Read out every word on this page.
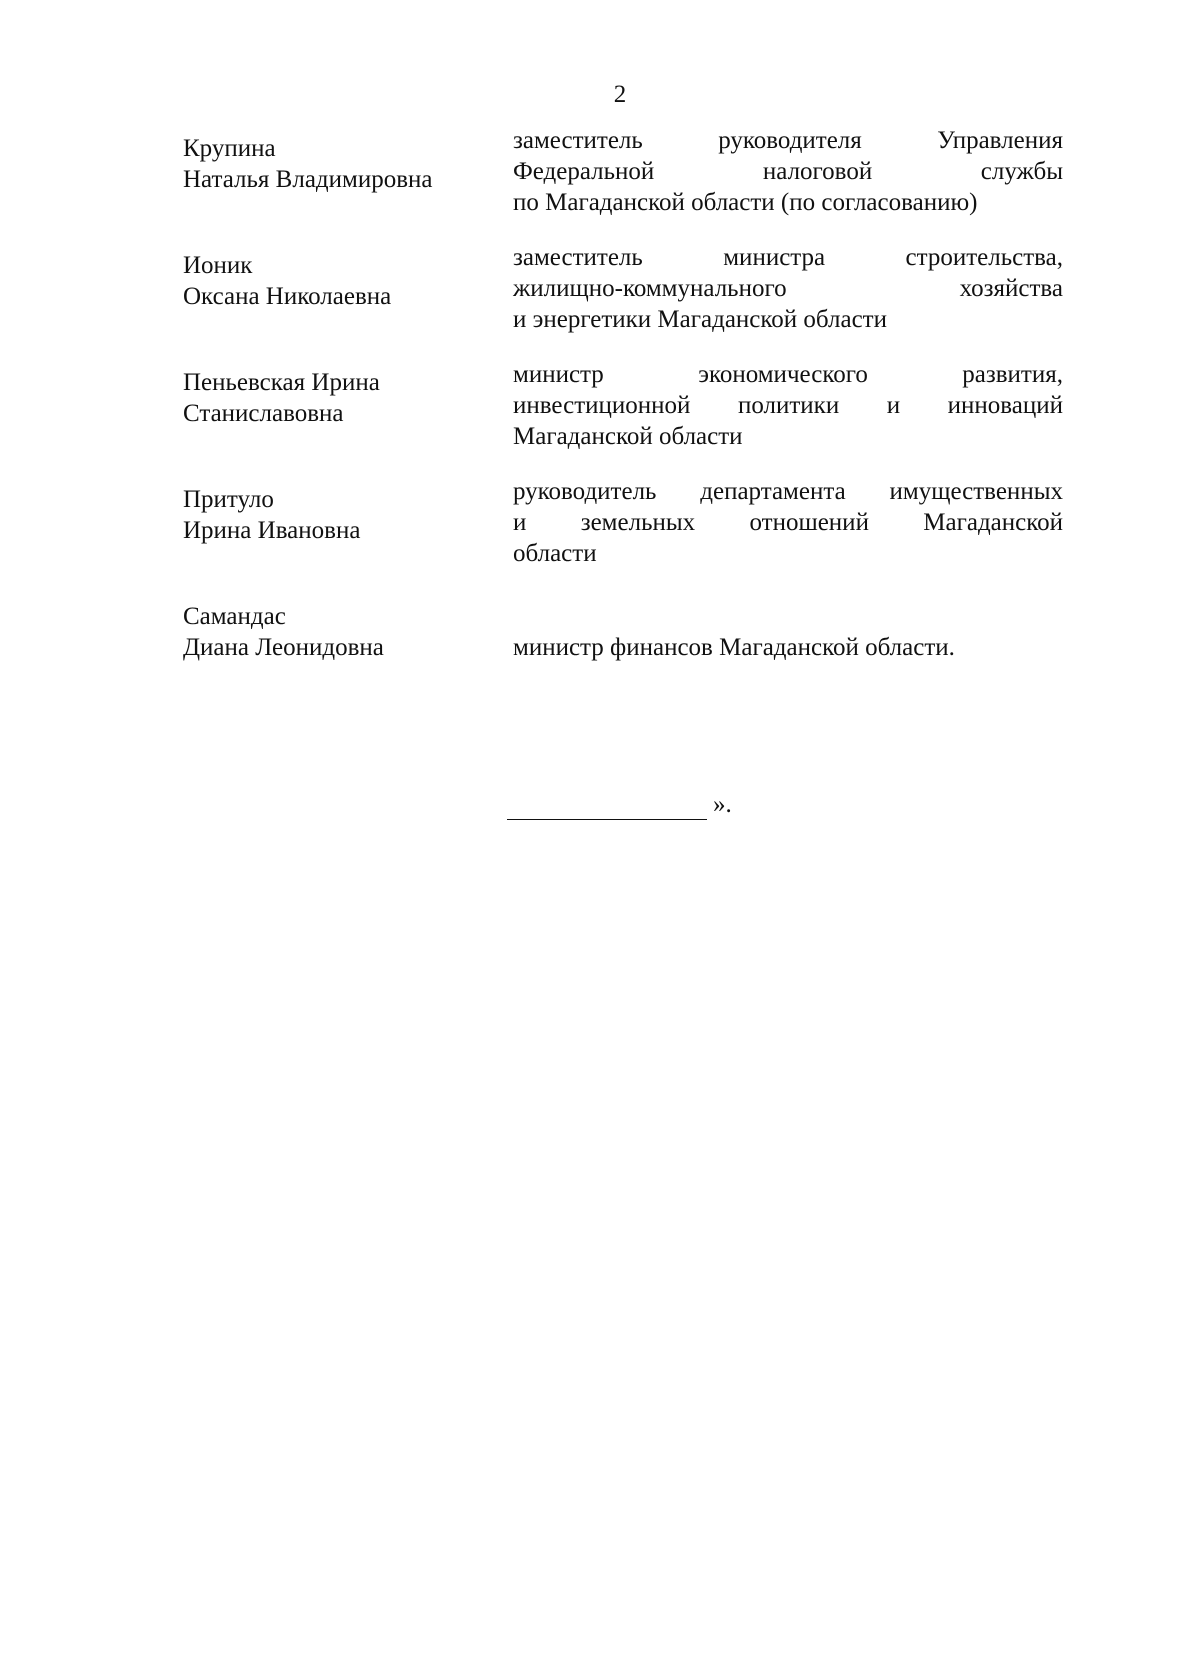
2
Крупина
Наталья Владимировна
заместитель руководителя Управления
Федеральной налоговой службы
по Магаданской области (по согласованию)
Ионик
Оксана Николаевна
заместитель министра строительства,
жилищно-коммунального хозяйства
и энергетики Магаданской области
Пеньевская Ирина
Станиславовна
министр экономического развития,
инвестиционной политики и инноваций
Магаданской области
Притуло
Ирина Ивановна
руководитель департамента имущественных
и земельных отношений Магаданской
области
Самандас
Диана Леонидовна	министр финансов Магаданской области.
».
